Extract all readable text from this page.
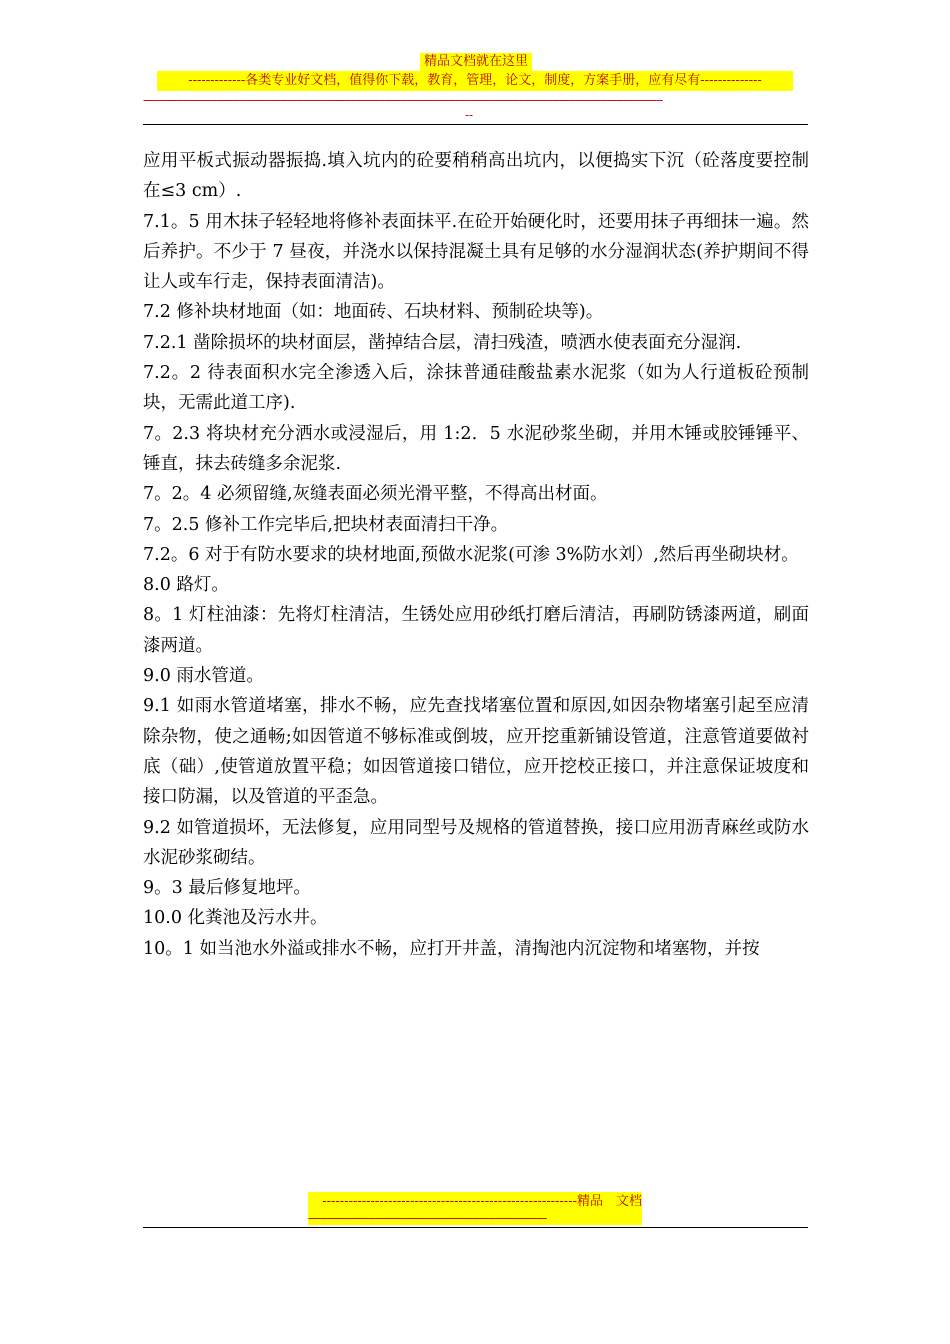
精品文档就在这里
-------------各类专业好文档，值得你下载，教育，管理，论文，制度，方案手册，应有尽有--------------
--------------------------------------------------------------------------------------------------------------------------------------------------------------------------
--

应用平板式振动器振捣.填入坑内的砼要稍稍高出坑内，以便捣实下沉（砼落度要控制在≤3 cm）.

7.1。5 用木抹子轻轻地将修补表面抹平.在砼开始硬化时，还要用抹子再细抹一遍。然后养护。不少于 7 昼夜，并浇水以保持混凝土具有足够的水分湿润状态(养护期间不得让人或车行走，保持表面清洁)。

7.2 修补块材地面（如：地面砖、石块材料、预制砼块等)。

7.2.1 凿除损坏的块材面层，凿掉结合层，清扫残渣，喷洒水使表面充分湿润.

7.2。2 待表面积水完全渗透入后，涂抹普通硅酸盐素水泥浆（如为人行道板砼预制块，无需此道工序).

7。2.3 将块材充分洒水或浸湿后，用 1:2．5 水泥砂浆坐砌，并用木锤或胶锤锤平、锤直，抹去砖缝多余泥浆.

7。2。4 必须留缝,灰缝表面必须光滑平整，不得高出材面。

7。2.5 修补工作完毕后,把块材表面清扫干净。

7.2。6 对于有防水要求的块材地面,预做水泥浆(可渗 3%防水刘）,然后再坐砌块材。

8.0 路灯。

8。1 灯柱油漆：先将灯柱清洁，生锈处应用砂纸打磨后清洁，再刷防锈漆两道，刷面漆两道。

9.0 雨水管道。

9.1 如雨水管道堵塞，排水不畅，应先查找堵塞位置和原因,如因杂物堵塞引起至应清除杂物，使之通畅;如因管道不够标准或倒坡，应开挖重新铺设管道，注意管道要做衬底（础）,使管道放置平稳；如因管道接口错位，应开挖校正接口，并注意保证坡度和接口防漏，以及管道的平歪急。

9.2 如管道损坏，无法修复，应用同型号及规格的管道替换，接口应用沥青麻丝或防水水泥砂浆砌结。

9。3 最后修复地坪。

10.0 化粪池及污水井。

10。1 如当池水外溢或排水不畅，应打开井盖，清掏池内沉淀物和堵塞物，并按

----------------------------------------------------------精品　文档
------------------------------------------------------------------------------
